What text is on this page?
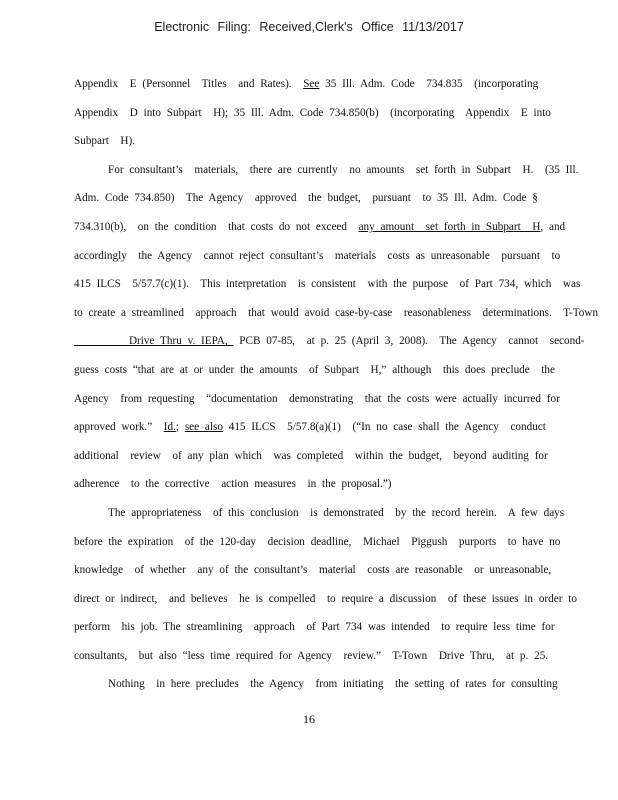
Electronic Filing: Received,Clerk's Office 11/13/2017
Appendix  E (Personnel  Titles  and Rates).  See 35 Ill. Adm. Code  734.835  (incorporating
Appendix  D into Subpart  H); 35 Ill. Adm. Code 734.850(b)  (incorporating  Appendix  E into
Subpart  H).
For consultant’s  materials,  there are currently  no amounts  set forth in Subpart  H.  (35 Ill.
Adm. Code 734.850)  The Agency  approved  the budget,  pursuant  to 35 Ill. Adm. Code §
734.310(b),  on the condition  that costs do not exceed  any amount  set forth in Subpart  H, and
accordingly  the Agency  cannot reject consultant’s  materials  costs as unreasonable  pursuant  to
415 ILCS  5/57.7(c)(1).  This interpretation  is consistent  with the purpose  of Part 734, which  was
to create a streamlined  approach  that would avoid case-by-case  reasonableness  determinations.  T-Town
Drive Thru v. IEPA,  PCB 07-85,  at p. 25 (April 3, 2008).  The Agency  cannot  second-
guess costs “that are at or under the amounts  of Subpart  H,” although  this does preclude  the
Agency  from requesting  “documentation  demonstrating  that the costs were actually incurred for
approved work.”  Id.; see also 415 ILCS  5/57.8(a)(1)  (“In no case shall the Agency  conduct
additional  review  of any plan which  was completed  within the budget,  beyond auditing for
adherence  to the corrective  action measures  in the proposal.”)
The appropriateness  of this conclusion  is demonstrated  by the record herein.  A few days
before the expiration  of the 120-day  decision deadline,  Michael  Piggush  purports  to have no
knowledge  of whether  any of the consultant’s  material  costs are reasonable  or unreasonable,
direct or indirect,  and believes  he is compelled  to require a discussion  of these issues in order to
perform  his job. The streamlining  approach  of Part 734 was intended  to require less time for
consultants,  but also “less time required for Agency  review.”  T-Town  Drive Thru,  at p. 25.
Nothing  in here precludes  the Agency  from initiating  the setting of rates for consulting
16
